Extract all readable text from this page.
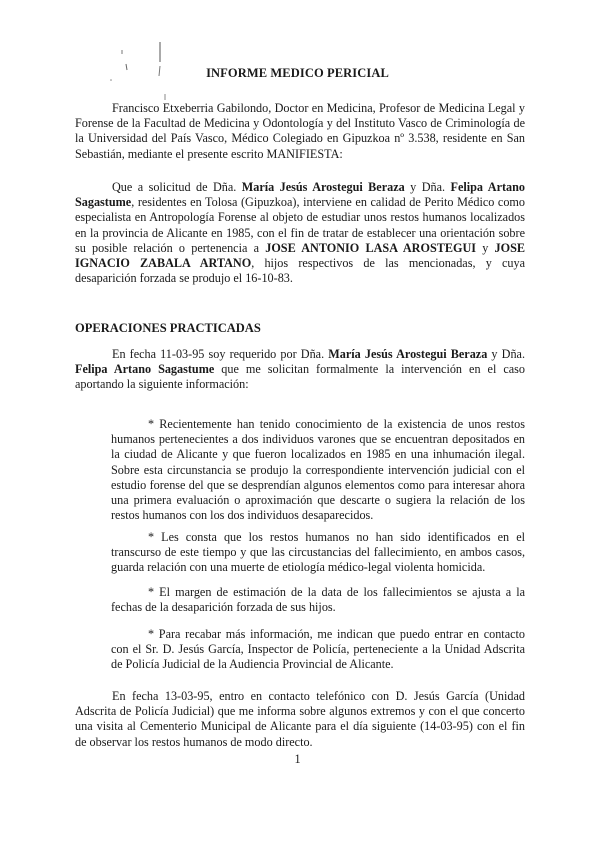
INFORME MEDICO PERICIAL
Francisco Etxeberria Gabilondo, Doctor en Medicina, Profesor de Medicina Legal y Forense de la Facultad de Medicina y Odontología y del Instituto Vasco de Criminología de la Universidad del País Vasco, Médico Colegiado en Gipuzkoa nº 3.538, residente en San Sebastián, mediante el presente escrito MANIFIESTA:
Que a solicitud de Dña. María Jesús Arostegui Beraza y Dña. Felipa Artano Sagastume, residentes en Tolosa (Gipuzkoa), interviene en calidad de Perito Médico como especialista en Antropología Forense al objeto de estudiar unos restos humanos localizados en la provincia de Alicante en 1985, con el fin de tratar de establecer una orientación sobre su posible relación o pertenencia a JOSE ANTONIO LASA AROSTEGUI y JOSE IGNACIO ZABALA ARTANO, hijos respectivos de las mencionadas, y cuya desaparición forzada se produjo el 16-10-83.
OPERACIONES PRACTICADAS
En fecha 11-03-95 soy requerido por Dña. María Jesús Arostegui Beraza y Dña. Felipa Artano Sagastume que me solicitan formalmente la intervención en el caso aportando la siguiente información:
* Recientemente han tenido conocimiento de la existencia de unos restos humanos pertenecientes a dos individuos varones que se encuentran depositados en la ciudad de Alicante y que fueron localizados en 1985 en una inhumación ilegal. Sobre esta circunstancia se produjo la correspondiente intervención judicial con el estudio forense del que se desprendían algunos elementos como para interesar ahora una primera evaluación o aproximación que descarte o sugiera la relación de los restos humanos con los dos individuos desaparecidos.
* Les consta que los restos humanos no han sido identificados en el transcurso de este tiempo y que las circustancias del fallecimiento, en ambos casos, guarda relación con una muerte de etiología médico-legal violenta homicida.
* El margen de estimación de la data de los fallecimientos se ajusta a la fechas de la desaparición forzada de sus hijos.
* Para recabar más información, me indican que puedo entrar en contacto con el Sr. D. Jesús García, Inspector de Policía, perteneciente a la Unidad Adscrita de Policía Judicial de la Audiencia Provincial de Alicante.
En fecha 13-03-95, entro en contacto telefónico con D. Jesús García (Unidad Adscrita de Policía Judicial) que me informa sobre algunos extremos y con el que concerto una visita al Cementerio Municipal de Alicante para el día siguiente (14-03-95) con el fin de observar los restos humanos de modo directo.
1
